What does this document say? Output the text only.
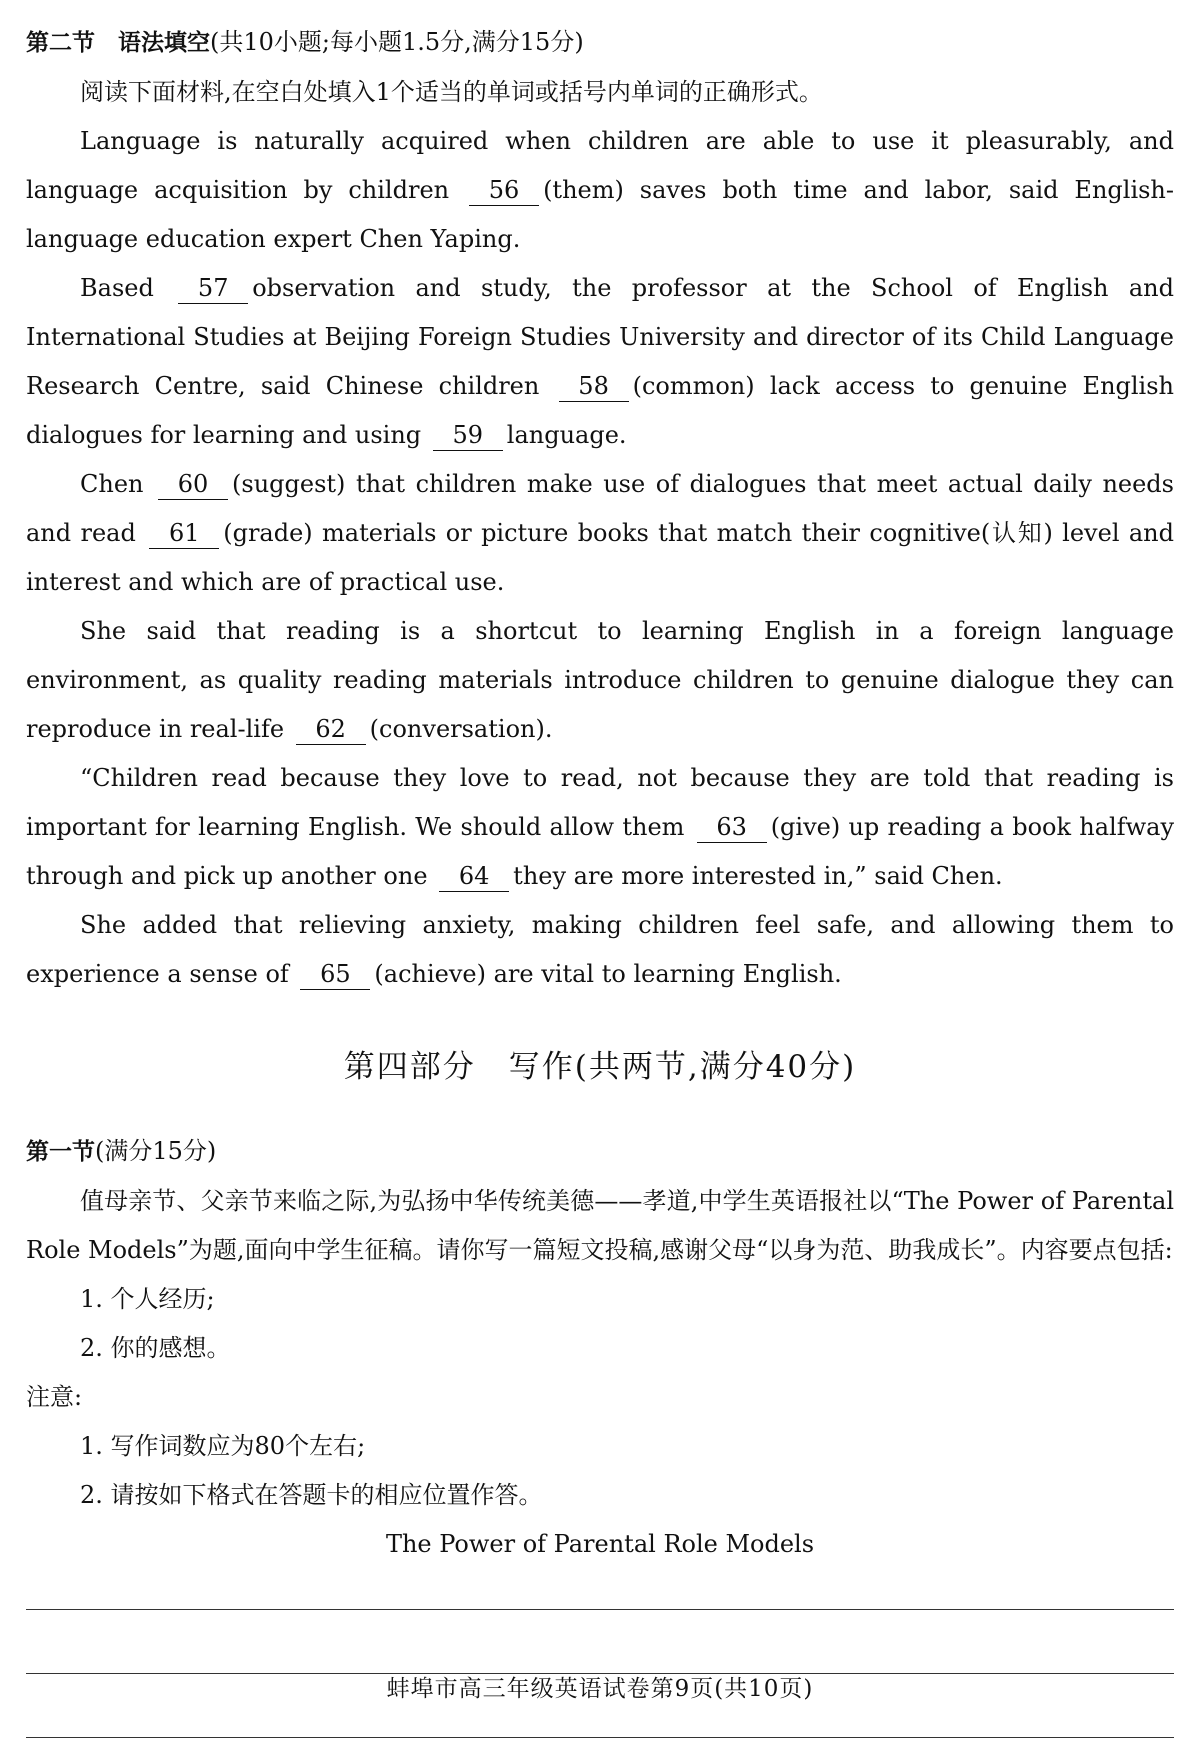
第二节　语法填空(共10小题;每小题1.5分,满分15分)

阅读下面材料,在空白处填入1个适当的单词或括号内单词的正确形式。

Language is naturally acquired when children are able to use it pleasurably, and language acquisition by children 56 (them) saves both time and labor, said English-language education expert Chen Yaping.

Based 57 observation and study, the professor at the School of English and International Studies at Beijing Foreign Studies University and director of its Child Language Research Centre, said Chinese children 58 (common) lack access to genuine English dialogues for learning and using 59 language.

Chen 60 (suggest) that children make use of dialogues that meet actual daily needs and read 61 (grade) materials or picture books that match their cognitive(认知) level and interest and which are of practical use.

She said that reading is a shortcut to learning English in a foreign language environment, as quality reading materials introduce children to genuine dialogue they can reproduce in real-life 62 (conversation).

“Children read because they love to read, not because they are told that reading is important for learning English. We should allow them 63 (give) up reading a book halfway through and pick up another one 64 they are more interested in,” said Chen.

She added that relieving anxiety, making children feel safe, and allowing them to experience a sense of 65 (achieve) are vital to learning English.

第四部分　写作(共两节,满分40分)

第一节(满分15分)

值母亲节、父亲节来临之际,为弘扬中华传统美德——孝道,中学生英语报社以“The Power of Parental Role Models”为题,面向中学生征稿。请你写一篇短文投稿,感谢父母“以身为范、助我成长”。内容要点包括:

1. 个人经历;

2. 你的感想。

注意:

1. 写作词数应为80个左右;

2. 请按如下格式在答题卡的相应位置作答。

The Power of Parental Role Models

蚌埠市高三年级英语试卷第9页(共10页)
